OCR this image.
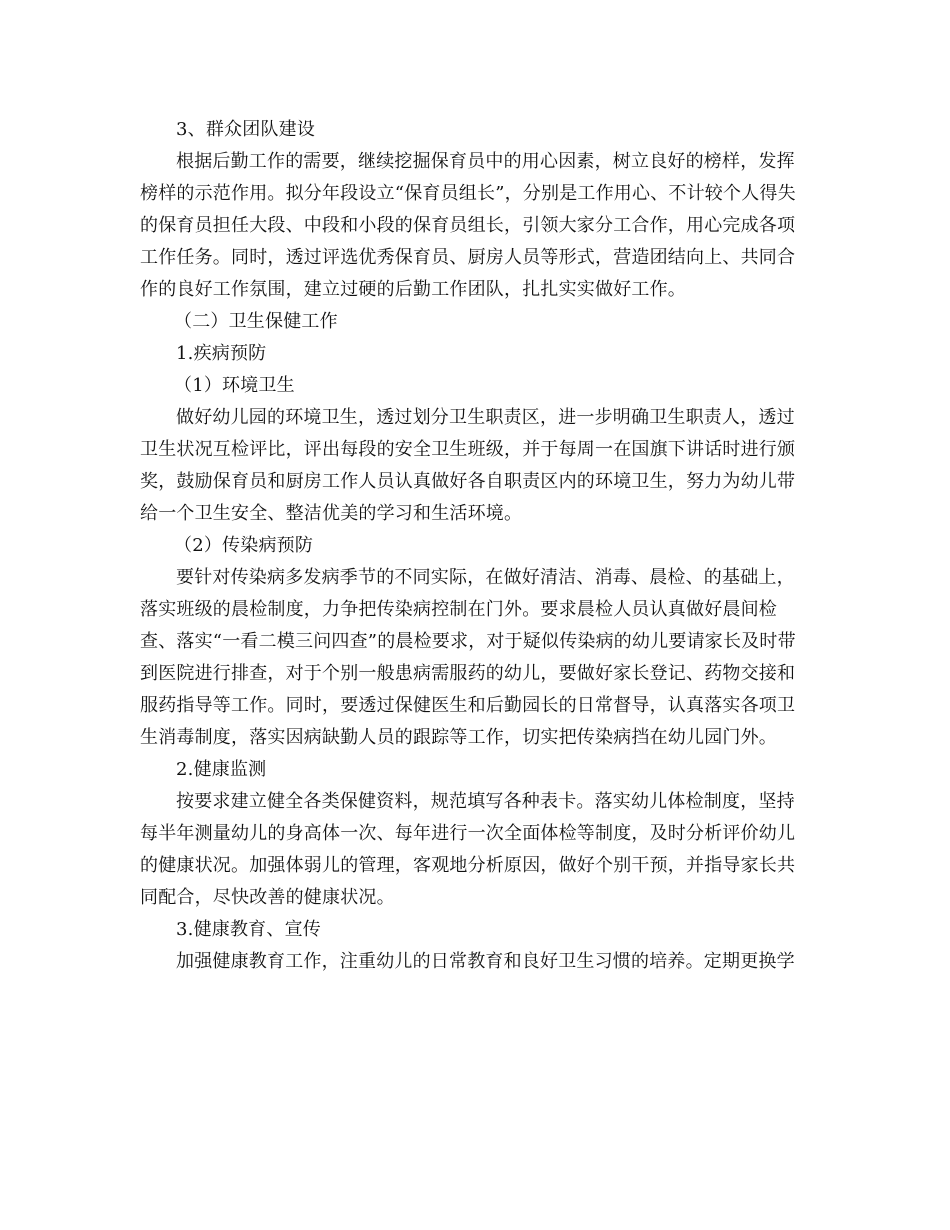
3、群众团队建设
根据后勤工作的需要，继续挖掘保育员中的用心因素，树立良好的榜样，发挥
榜样的示范作用。拟分年段设立“保育员组长”，分别是工作用心、不计较个人得失
的保育员担任大段、中段和小段的保育员组长，引领大家分工合作，用心完成各项
工作任务。同时，透过评选优秀保育员、厨房人员等形式，营造团结向上、共同合
作的良好工作氛围，建立过硬的后勤工作团队，扎扎实实做好工作。
（二）卫生保健工作
1.疾病预防
（1）环境卫生
做好幼儿园的环境卫生，透过划分卫生职责区，进一步明确卫生职责人，透过
卫生状况互检评比，评出每段的安全卫生班级，并于每周一在国旗下讲话时进行颁
奖，鼓励保育员和厨房工作人员认真做好各自职责区内的环境卫生，努力为幼儿带
给一个卫生安全、整洁优美的学习和生活环境。
（2）传染病预防
要针对传染病多发病季节的不同实际，在做好清洁、消毒、晨检、的基础上，
落实班级的晨检制度，力争把传染病控制在门外。要求晨检人员认真做好晨间检
查、落实“一看二模三问四查”的晨检要求，对于疑似传染病的幼儿要请家长及时带
到医院进行排查，对于个别一般患病需服药的幼儿，要做好家长登记、药物交接和
服药指导等工作。同时，要透过保健医生和后勤园长的日常督导，认真落实各项卫
生消毒制度，落实因病缺勤人员的跟踪等工作，切实把传染病挡在幼儿园门外。
2.健康监测
按要求建立健全各类保健资料，规范填写各种表卡。落实幼儿体检制度，坚持
每半年测量幼儿的身高体一次、每年进行一次全面体检等制度，及时分析评价幼儿
的健康状况。加强体弱儿的管理，客观地分析原因，做好个别干预，并指导家长共
同配合，尽快改善的健康状况。
3.健康教育、宣传
加强健康教育工作，注重幼儿的日常教育和良好卫生习惯的培养。定期更换学
